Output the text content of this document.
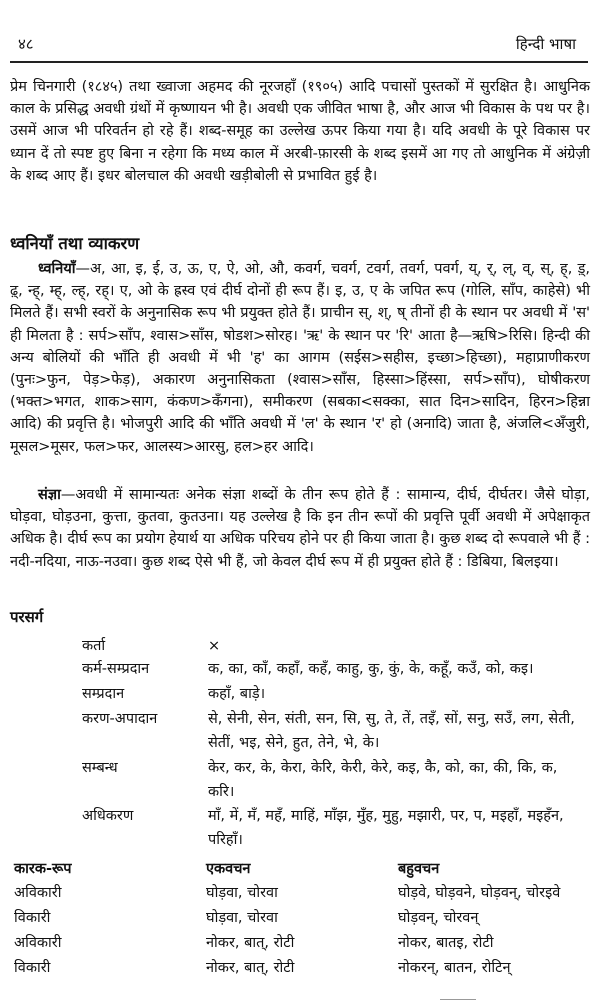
४८	हिन्दी भाषा

प्रेम चिनगारी (१८४५) तथा ख्वाजा अहमद की नूरजहाँ (१९०५) आदि पचासों पुस्तकों में सुरक्षित है। आधुनिक काल के प्रसिद्ध अवधी ग्रंथों में कृष्णायन भी है। अवधी एक जीवित भाषा है, और आज भी विकास के पथ पर है। उसमें आज भी परिवर्तन हो रहे हैं। शब्द-समूह का उल्लेख ऊपर किया गया है। यदि अवधी के पूरे विकास पर ध्यान दें तो स्पष्ट हुए बिना न रहेगा कि मध्य काल में अरबी-फ़ारसी के शब्द इसमें आ गए तो आधुनिक में अंग्रेज़ी के शब्द आए हैं। इधर बोलचाल की अवधी खड़ीबोली से प्रभावित हुई है।

ध्वनियाँ तथा व्याकरण

ध्वनियाँ—अ, आ, इ, ई, उ, ऊ, ए, ऐ, ओ, औ, कवर्ग, चवर्ग, टवर्ग, तवर्ग, पवर्ग, य्, र्, ल्, व्, स्, ह्, ड़्, ढ़्, न्ह्, म्ह्, ल्ह्, रह्। ए, ओ के ह्रस्व एवं दीर्घ दोनों ही रूप हैं। इ, उ, ए के जपित रूप (गोलि, साँप, काहेसे) भी मिलते हैं। सभी स्वरों के अनुनासिक रूप भी प्रयुक्त होते हैं। प्राचीन स्, श्, ष् तीनों ही के स्थान पर अवधी में 'स' ही मिलता है : सर्प>साँप, श्वास>साँस, षोडश>सोरह। 'ऋ' के स्थान पर 'रि' आता है—ऋषि>रिसि। हिन्दी की अन्य बोलियों की भाँति ही अवधी में भी 'ह' का आगम (सईस>सहीस, इच्छा>हिच्छा), महाप्राणीकरण (पुनः>फुन, पेड़>फेड़), अकारण अनुनासिकता (श्वास>साँस, हिस्सा>हिंस्सा, सर्प>साँप), घोषीकरण (भक्त>भगत, शाक>साग, कंकण>कँगना), समीकरण (सबका<सक्का, सात दिन>सादिन, हिरन>हिन्ना आदि) की प्रवृत्ति है। भोजपुरी आदि की भाँति अवधी में 'ल' के स्थान 'र' हो (अनादि) जाता है, अंजलि<अँजुरी, मूसल>मूसर, फल>फर, आलस्य>आरसु, हल>हर आदि।

संज्ञा—अवधी में सामान्यतः अनेक संज्ञा शब्दों के तीन रूप होते हैं : सामान्य, दीर्घ, दीर्घतर। जैसे घोड़ा, घोड़वा, घोड़उना, कुत्ता, कुतवा, कुतउना। यह उल्लेख है कि इन तीन रूपों की प्रवृत्ति पूर्वी अवधी में अपेक्षाकृत अधिक है। दीर्घ रूप का प्रयोग हेयार्थ या अधिक परिचय होने पर ही किया जाता है। कुछ शब्द दो रूपवाले भी हैं : नदी-नदिया, नाऊ-नउवा। कुछ शब्द ऐसे भी हैं, जो केवल दीर्घ रूप में ही प्रयुक्त होते हैं : डिबिया, बिलइया।

परसर्ग
कर्ता	×
कर्म-सम्प्रदान	क, का, काँ, कहाँ, कहँ, काहु, कु, कुं, के, कहूँ, कउँ, को, कइ।
सम्प्रदान	कहाँ, बाड़े।
करण-अपादान	से, सेनी, सेन, संती, सन, सि, सु, ते, तें, तइँ, सों, सनु, सउँ, लग, सेती, सेतीं, भइ, सेने, हुत, तेने, भे, के।
सम्बन्ध	केर, कर, के, केरा, केरि, केरी, केरे, कइ, कै, को, का, की, कि, क, करि।
अधिकरण	माँ, में, मँ, महँ, माहिं, माँझ, मुँह, मुहु, मझारी, पर, प, मइहाँ, मइहँन, परिहाँ।
कारक-रूप	एकवचन	बहुवचन
अविकारी	घोड़वा, चोरवा	घोड़वे, घोड़वने, घोड़वन्, चोरइवे
विकारी	घोड़वा, चोरवा	घोड़वन्, चोरवन्
अविकारी	नोकर, बात्, रोटी	नोकर, बातइ, रोटी
विकारी	नोकर, बात्, रोटी	नोकरन्, बातन, रोटिन्
